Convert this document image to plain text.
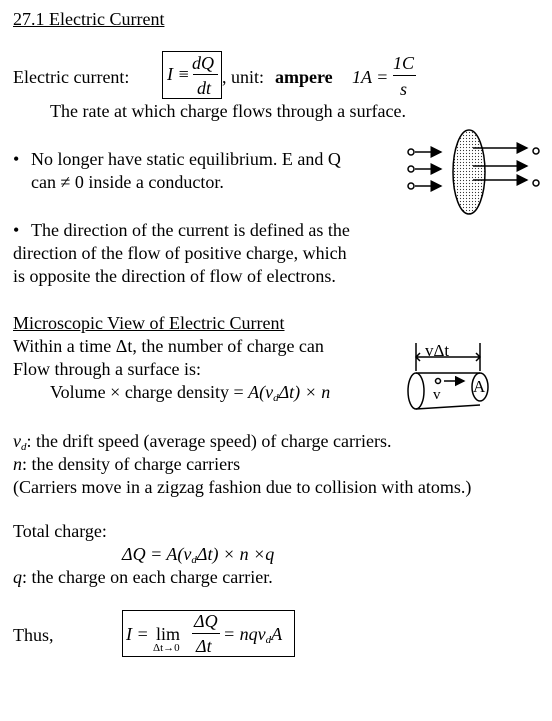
27.1 Electric Current
Electric current: I ≡
dQ
dt
, unit: ampere 1A =
1C
s
The rate at which charge flows through a surface.
• No longer have static equilibrium. E and Q
can ≠ 0 inside a conductor.
• The direction of the current is defined as the
direction of the flow of positive charge, which
is opposite the direction of flow of electrons.
Microscopic View of Electric Current
Within a time Δt, the number of charge can
Flow through a surface is:
Volume × charge density = $A(v_d\Delta t) \times n$
vΔt
v A
$v_d$: the drift speed (average speed) of charge carriers.
n: the density of charge carriers
(Carriers move in a zigzag fashion due to collision with atoms.)
Total charge:
$\Delta Q = A(v_d\Delta t) \times n \times q$
q: the charge on each charge carrier.
Thus,	I = lim
Δt→0
ΔQ
Δt
= nqv$_d$A
